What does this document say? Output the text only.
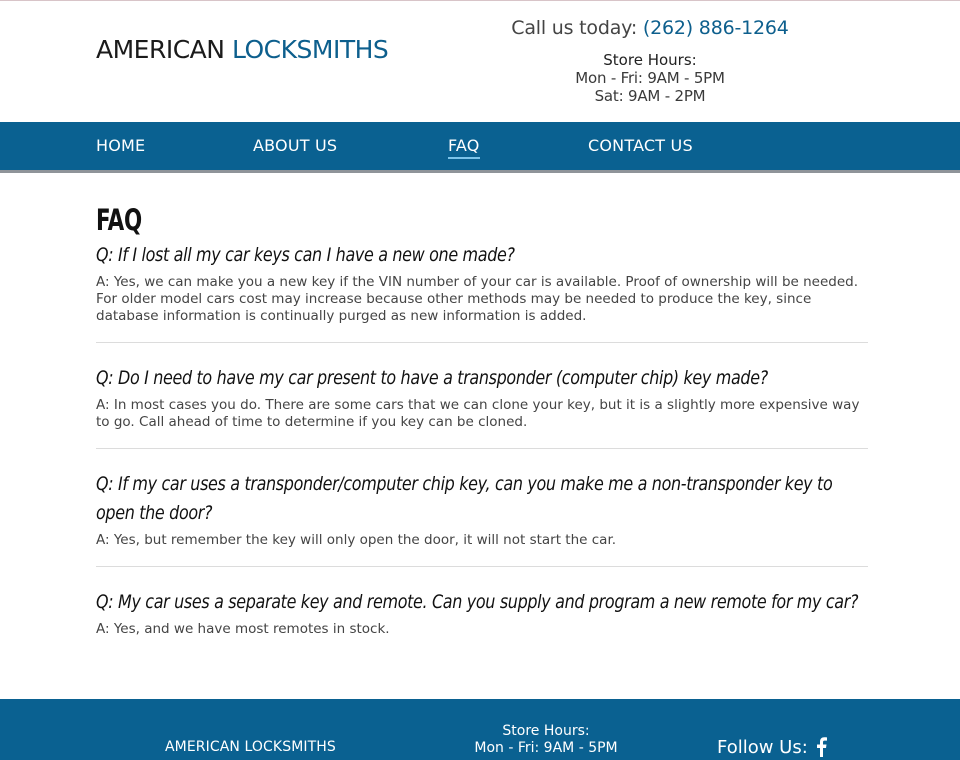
AMERICAN LOCKSMITHS
Call us today: (262) 886-1264
Store Hours:
Mon - Fri: 9AM - 5PM
Sat: 9AM - 2PM
HOME	ABOUT US	FAQ	CONTACT US
FAQ
Q: If I lost all my car keys can I have a new one made?
A: Yes, we can make you a new key if the VIN number of your car is available. Proof of ownership will be needed. For older model cars cost may increase because other methods may be needed to produce the key, since database information is continually purged as new information is added.
Q: Do I need to have my car present to have a transponder (computer chip) key made?
A: In most cases you do. There are some cars that we can clone your key, but it is a slightly more expensive way to go. Call ahead of time to determine if you key can be cloned.
Q: If my car uses a transponder/computer chip key, can you make me a non-transponder key to open the door?
A: Yes, but remember the key will only open the door, it will not start the car.
Q: My car uses a separate key and remote. Can you supply and program a new remote for my car?
A: Yes, and we have most remotes in stock.
AMERICAN LOCKSMITHS
Store Hours:
Mon - Fri: 9AM - 5PM	Follow Us:
